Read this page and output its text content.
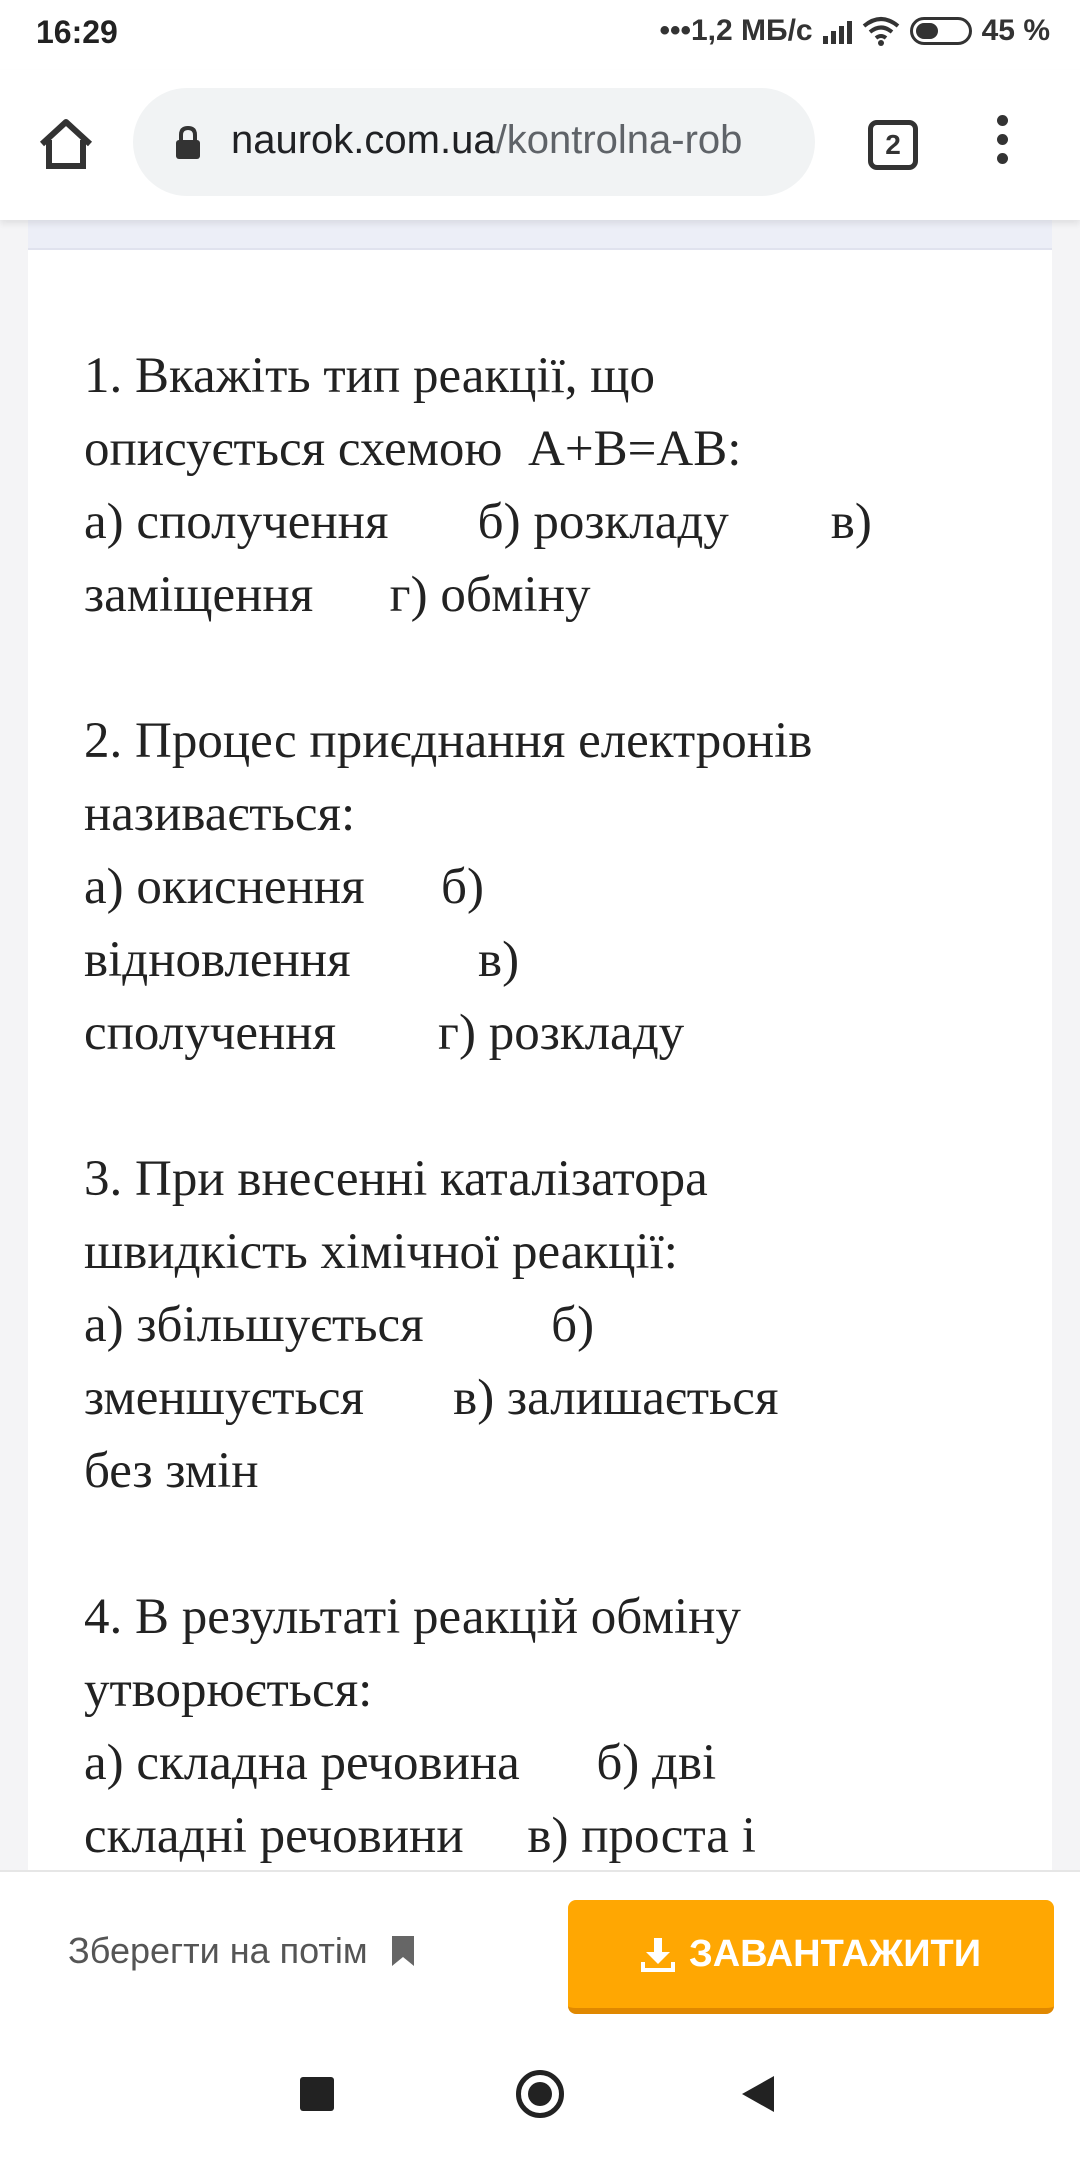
16:29	•••1,2 МБ/с	45 %
naurok.com.ua/kontrolna-rob	2
1. Вкажіть тип реакції, що
описується схемою  А+В=АВ:
а) сполучення       б) розкладу        в)
заміщення      г) обміну
2. Процес приєднання електронів
називається:
а) окиснення      б)
відновлення          в)
сполучення        г) розкладу
3. При внесенні каталізатора
швидкість хімічної реакції:
а) збільшується          б)
зменшується       в) залишається
без змін
4. В результаті реакцій обміну
утворюється:
а) складна речовина      б) дві
складні речовини     в) проста і
Зберегти на потім	ЗАВАНТАЖИТИ
